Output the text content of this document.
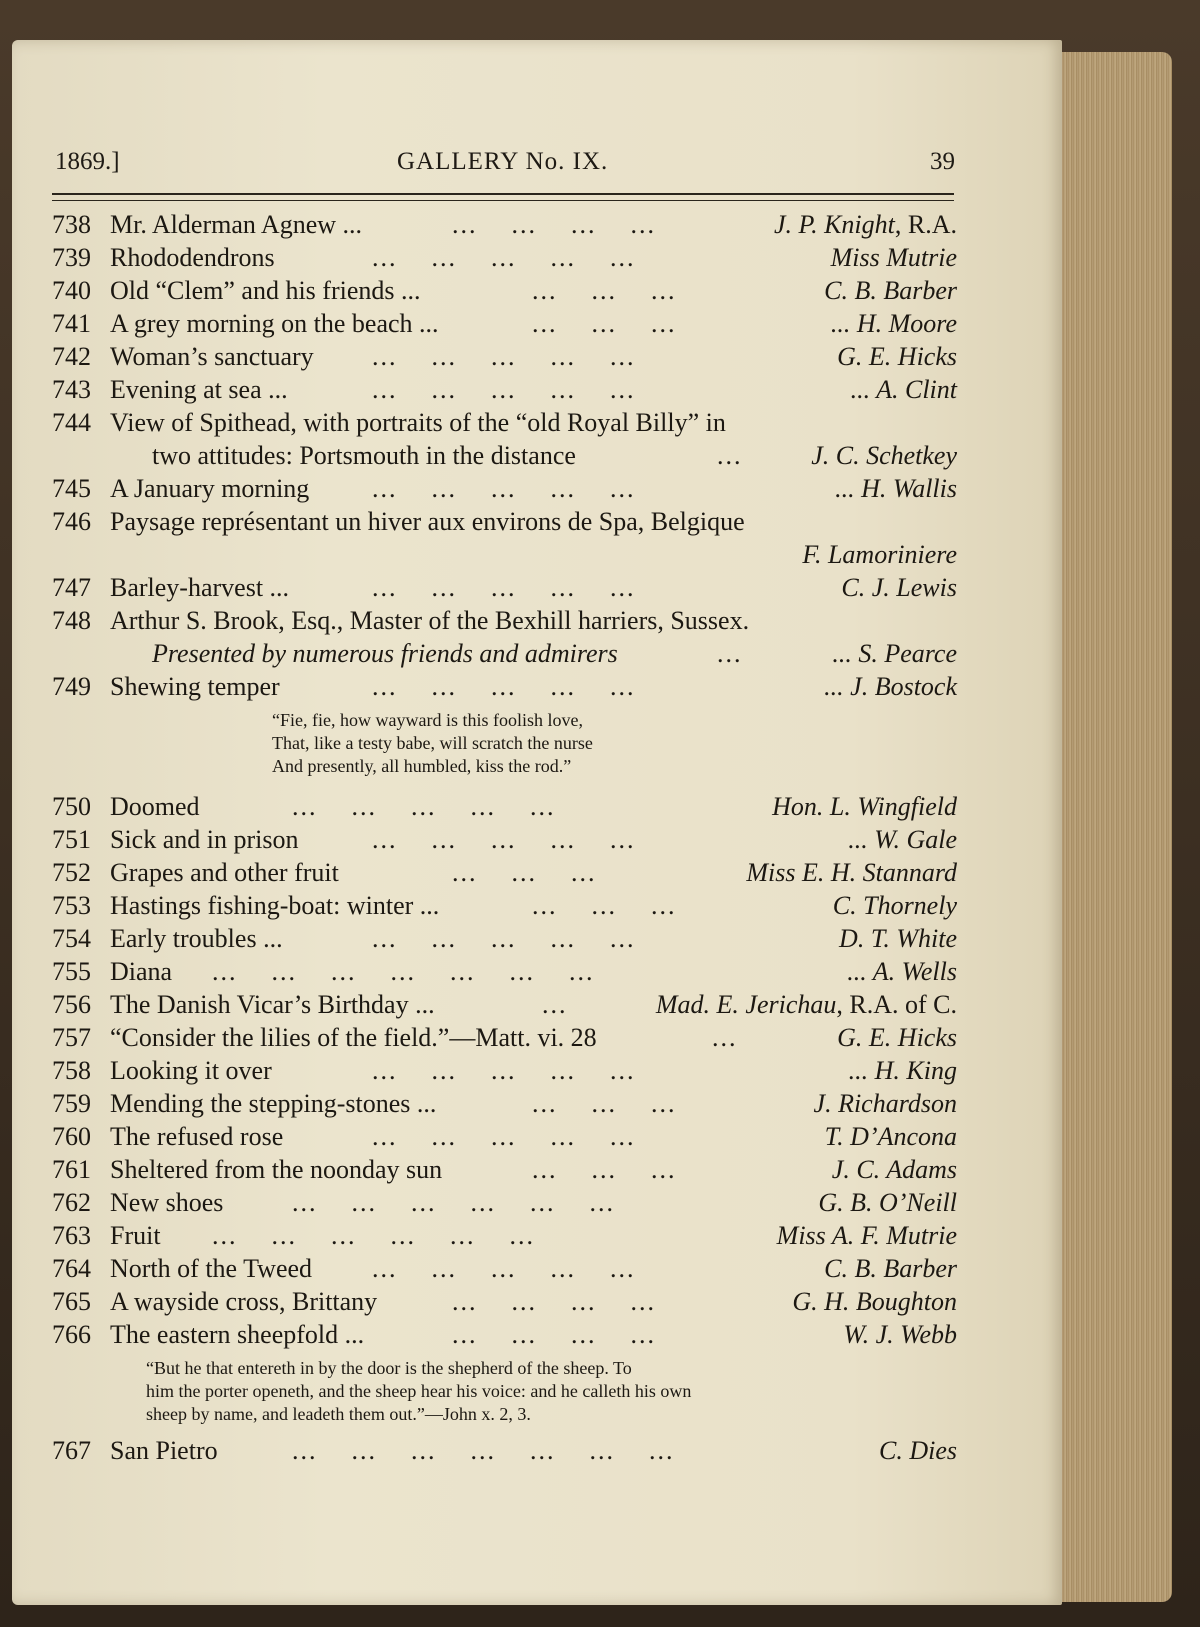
1869.]	GALLERY No. IX.	39
738 Mr. Alderman Agnew ...	...    ...    ...    ...	J. P. Knight, R.A.
739 Rhododendrons	...    ...    ...    ...    ...	Miss Mutrie
740 Old “Clem” and his friends ...	...    ...    ...	C. B. Barber
741 A grey morning on the beach ...	...    ...    ...	... H. Moore
742 Woman’s sanctuary ...    ...    ...    ...    ...	G. E. Hicks
743 Evening at sea ...	...    ...    ...    ...    ...	... A. Clint
744 View of Spithead, with portraits of the “old Royal Billy” in
two attitudes: Portsmouth in the distance	...	J. C. Schetkey
745 A January morning ...    ...    ...    ...    ...	... H. Wallis
746 Paysage représentant un hiver aux environs de Spa, Belgique
F. Lamoriniere
747 Barley-harvest ...	...    ...    ...    ...    ...	C. J. Lewis
748 Arthur S. Brook, Esq., Master of the Bexhill harriers, Sussex.
Presented by numerous friends and admirers	...	... S. Pearce
749 Shewing temper	...    ...    ...    ...    ...	... J. Bostock
“Fie, fie, how wayward is this foolish love,
That, like a testy babe, will scratch the nurse
And presently, all humbled, kiss the rod.”
750 Doomed	...    ...    ...    ...    ...	Hon. L. Wingfield
751 Sick and in prison	...    ...    ...    ...    ...	... W. Gale
752 Grapes and other fruit	...    ...    ...	Miss E. H. Stannard
753 Hastings fishing-boat: winter ...	...    ...    ...	C. Thornely
754 Early troubles ...	...    ...    ...    ...    ...	D. T. White
755 Diana ...    ...    ...    ...    ...    ...    ...	... A. Wells
756 The Danish Vicar’s Birthday ...	...	Mad. E. Jerichau, R.A. of C.
757 “Consider the lilies of the field.”—Matt. vi. 28	...	G. E. Hicks
758 Looking it over	...    ...    ...    ...    ...	... H. King
759 Mending the stepping-stones ...	...    ...    ...	J. Richardson
760 The refused rose	...    ...    ...    ...    ...	T. D’Ancona
761 Sheltered from the noonday sun	...    ...    ...	J. C. Adams
762 New shoes	...    ...    ...    ...    ...    ...	G. B. O’Neill
763 Fruit ...    ...    ...    ...    ...    ...	Miss A. F. Mutrie
764 North of the Tweed ...    ...    ...    ...    ...	C. B. Barber
765 A wayside cross, Brittany	...    ...    ...    ...	G. H. Boughton
766 The eastern sheepfold ...	...    ...    ...    ...	W. J. Webb
“But he that entereth in by the door is the shepherd of the sheep. To
him the porter openeth, and the sheep hear his voice: and he calleth his own
sheep by name, and leadeth them out.”—John x. 2, 3.
767 San Pietro	...    ...    ...    ...    ...    ...    ...	C. Dies
